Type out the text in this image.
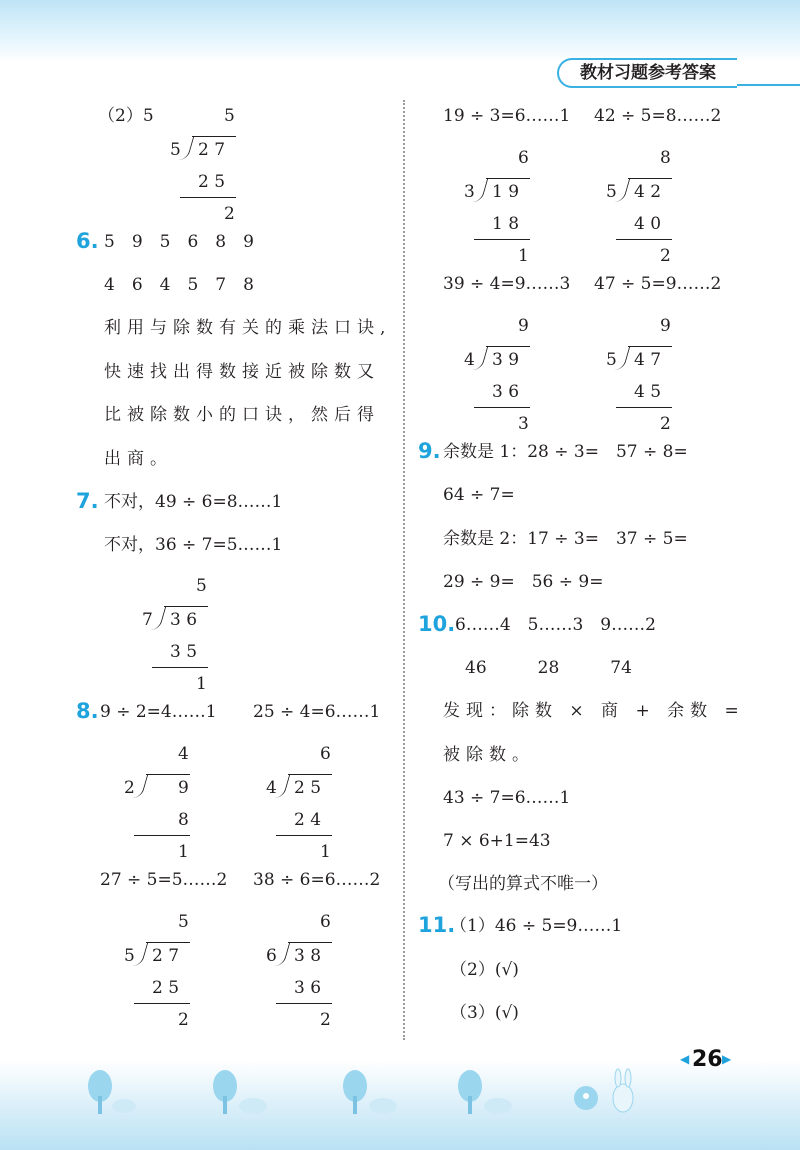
教材习题参考答案
（2）5	5
5 2 7
2 5
2
6. 5　9　5　6　8　9
4　6　4　5　7　8
利用与除数有关的乘法口诀,
快速找出得数接近被除数又
比被除数小的口诀，然后得
出商。
7. 不对，49 ÷ 6=8……1
不对，36 ÷ 7=5……1
5
7 3 6
3 5
1
8. 9 ÷ 2=4……1 25 ÷ 4=6……1
4
2	9
8
1
6
4 2 5
2 4
1
27 ÷ 5=5……2 38 ÷ 6=6……2
5
5 2 7
2 5
2
6
6 3 8
3 6
2
19 ÷ 3=6……1 42 ÷ 5=8……2
6
3 1 9
1 8
1
8
5 4 2
4 0
2
39 ÷ 4=9……3 47 ÷ 5=9……2
9
4 3 9
3 6
3
9
5 4 7
4 5
2
9. 余数是 1：28 ÷ 3=　57 ÷ 8=
64 ÷ 7=
余数是 2：17 ÷ 3=　37 ÷ 5=
29 ÷ 9=　56 ÷ 9=
10. 6……4　5……3　9……2
46　　　28　　　74
发现：除数 × 商 + 余数 =
被除数。
43 ÷ 7=6……1
7 × 6+1=43
（写出的算式不唯一）
11.
（1）46 ÷ 5=9……1
（2）(√)
（3）(√)
◀ 26 ▶
